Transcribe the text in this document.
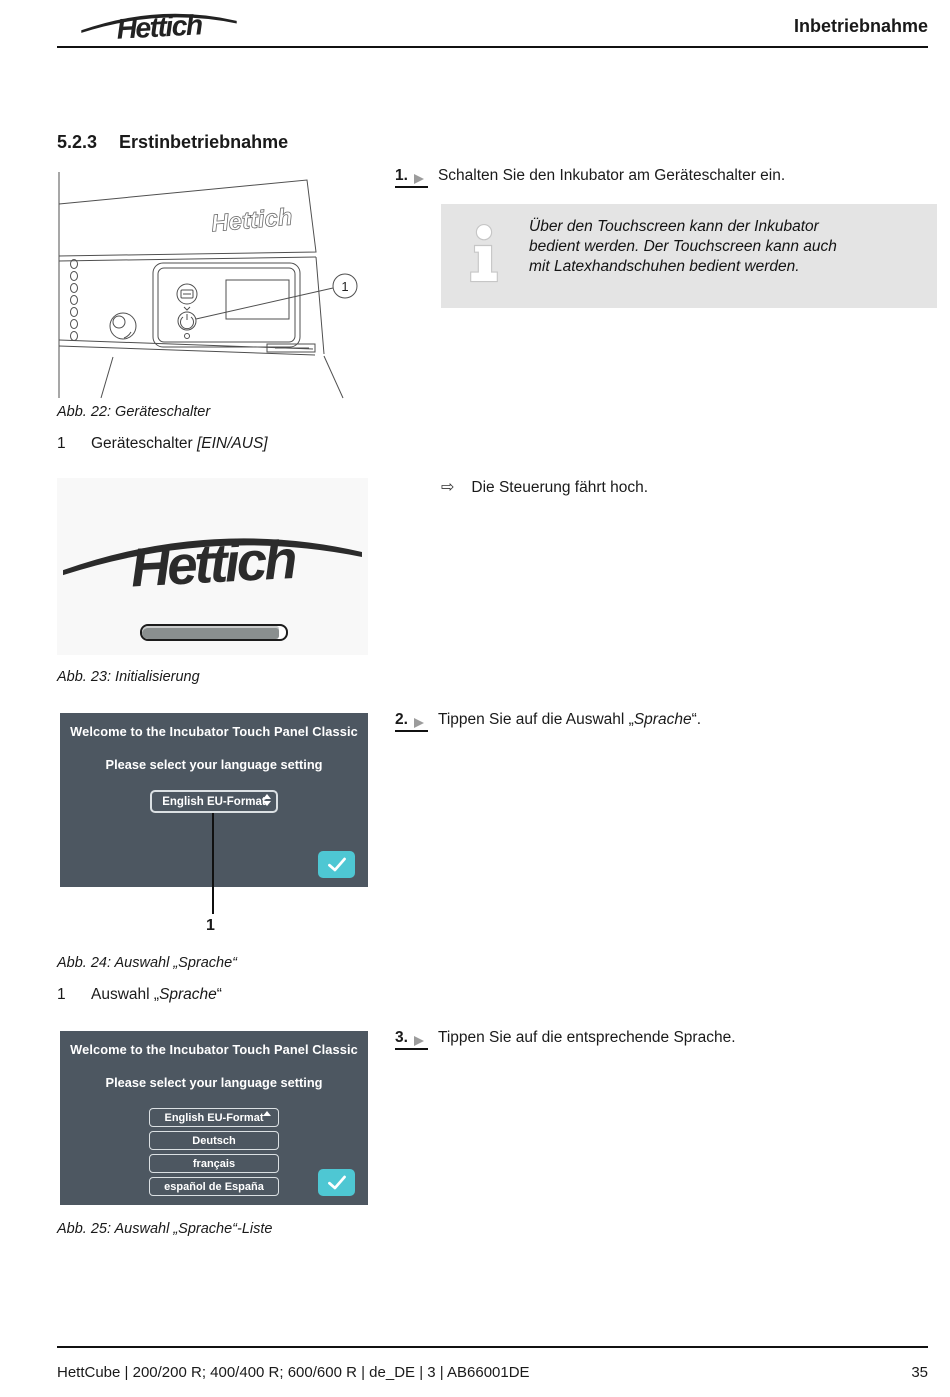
Hettich	Inbetriebnahme
5.2.3 Erstinbetriebnahme
Hettich
1
1. Schalten Sie den Inkubator am Geräteschalter ein.
Über den Touchscreen kann der Inkubator bedient werden. Der Touchscreen kann auch mit Latexhandschuhen bedient werden.
Abb. 22: Geräteschalter
1 Geräteschalter [EIN/AUS]
⇨ Die Steuerung fährt hoch.
Hettich
Abb. 23: Initialisierung
2. Tippen Sie auf die Auswahl „Sprache“.
Welcome to the Incubator Touch Panel Classic
Please select your language setting
English EU-Format
1
Abb. 24: Auswahl „Sprache“
1 Auswahl „Sprache“
3. Tippen Sie auf die entsprechende Sprache.
Welcome to the Incubator Touch Panel Classic
Please select your language setting
English EU-Format
Deutsch
français
español de España
Abb. 25: Auswahl „Sprache“-Liste
HettCube | 200/200 R; 400/400 R; 600/600 R | de_DE | 3 | AB66001DE	35
